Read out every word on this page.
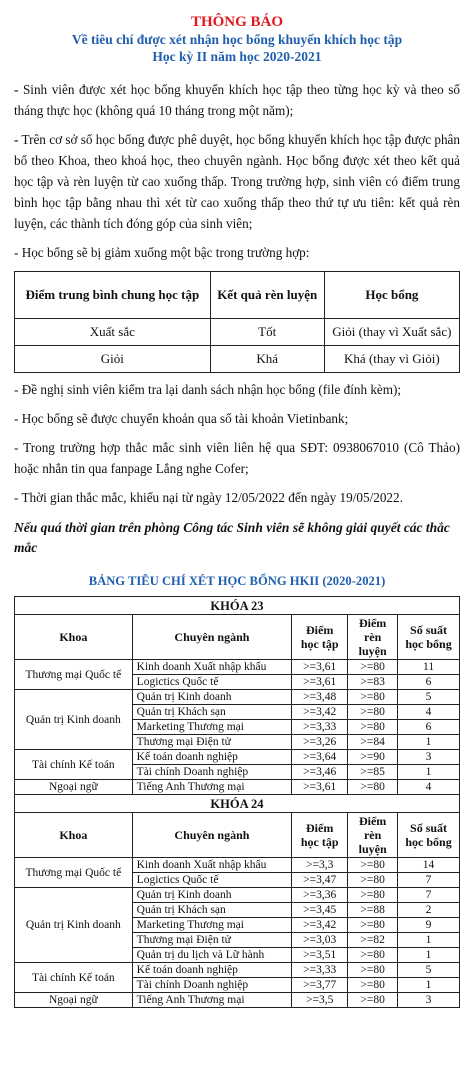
THÔNG BÁO
Về tiêu chí được xét nhận học bổng khuyến khích học tập
Học kỳ II năm học 2020-2021

- Sinh viên được xét học bổng khuyến khích học tập theo từng học kỳ và theo số tháng thực học (không quá 10 tháng trong một năm);

- Trên cơ sở số học bổng được phê duyệt, học bổng khuyến khích học tập được phân bổ theo Khoa, theo khoá học, theo chuyên ngành. Học bổng được xét theo kết quả học tập và rèn luyện từ cao xuống thấp. Trong trường hợp, sinh viên có điểm trung bình học tập bằng nhau thì xét từ cao xuống thấp theo thứ tự ưu tiên: kết quả rèn luyện, các thành tích đóng góp của sinh viên;

- Học bổng sẽ bị giảm xuống một bậc trong trường hợp:

Điểm trung bình chung học tập	Kết quả rèn luyện	Học bổng
Xuất sắc	Tốt	Giỏi (thay vì Xuất sắc)
Giỏi	Khá	Khá (thay vì Giỏi)

- Đề nghị sinh viên kiểm tra lại danh sách nhận học bổng (file đính kèm);

- Học bổng sẽ được chuyển khoản qua số tài khoản Vietinbank;

- Trong trường hợp thắc mắc sinh viên liên hệ qua SĐT: 0938067010 (Cô Thảo) hoặc nhắn tin qua fanpage Lắng nghe Cofer;

- Thời gian thắc mắc, khiếu nại từ ngày 12/05/2022 đến ngày 19/05/2022.

Nếu quá thời gian trên phòng Công tác Sinh viên sẽ không giải quyết các thắc mắc
BẢNG TIÊU CHÍ XÉT HỌC BỔNG HKII (2020-2021)
KHÓA 23				
Khoa	Chuyên ngành	Điểm học tập	Điểm rèn luyện	Số suất học bổng
Thương mại Quốc tế	Kinh doanh Xuất nhập khẩu	>=3,61	>=80	11
	Logictics Quốc tế	>=3,61	>=83	6
Quản trị Kinh doanh	Quản trị Kinh doanh	>=3,48	>=80	5
	Quản trị Khách sạn	>=3,42	>=80	4
	Marketing Thương mại	>=3,33	>=80	6
	Thương mại Điện tử	>=3,26	>=84	1
Tài chính Kế toán	Kế toán doanh nghiệp	>=3,64	>=90	3
	Tài chính Doanh nghiệp	>=3,46	>=85	1
Ngoại ngữ	Tiếng Anh Thương mại	>=3,61	>=80	4
KHÓA 24				
Khoa	Chuyên ngành	Điểm học tập	Điểm rèn luyện	Số suất học bổng
Thương mại Quốc tế	Kinh doanh Xuất nhập khẩu	>=3,3	>=80	14
	Logictics Quốc tế	>=3,47	>=80	7
Quản trị Kinh doanh	Quản trị Kinh doanh	>=3,36	>=80	7
	Quản trị Khách sạn	>=3,45	>=88	2
	Marketing Thương mại	>=3,42	>=80	9
	Thương mại Điện tử	>=3,03	>=82	1
	Quản trị du lịch và Lữ hành	>=3,51	>=80	1
Tài chính Kế toán	Kế toán doanh nghiệp	>=3,33	>=80	5
	Tài chính Doanh nghiệp	>=3,77	>=80	1
Ngoại ngữ	Tiếng Anh Thương mại	>=3,5	>=80	3
